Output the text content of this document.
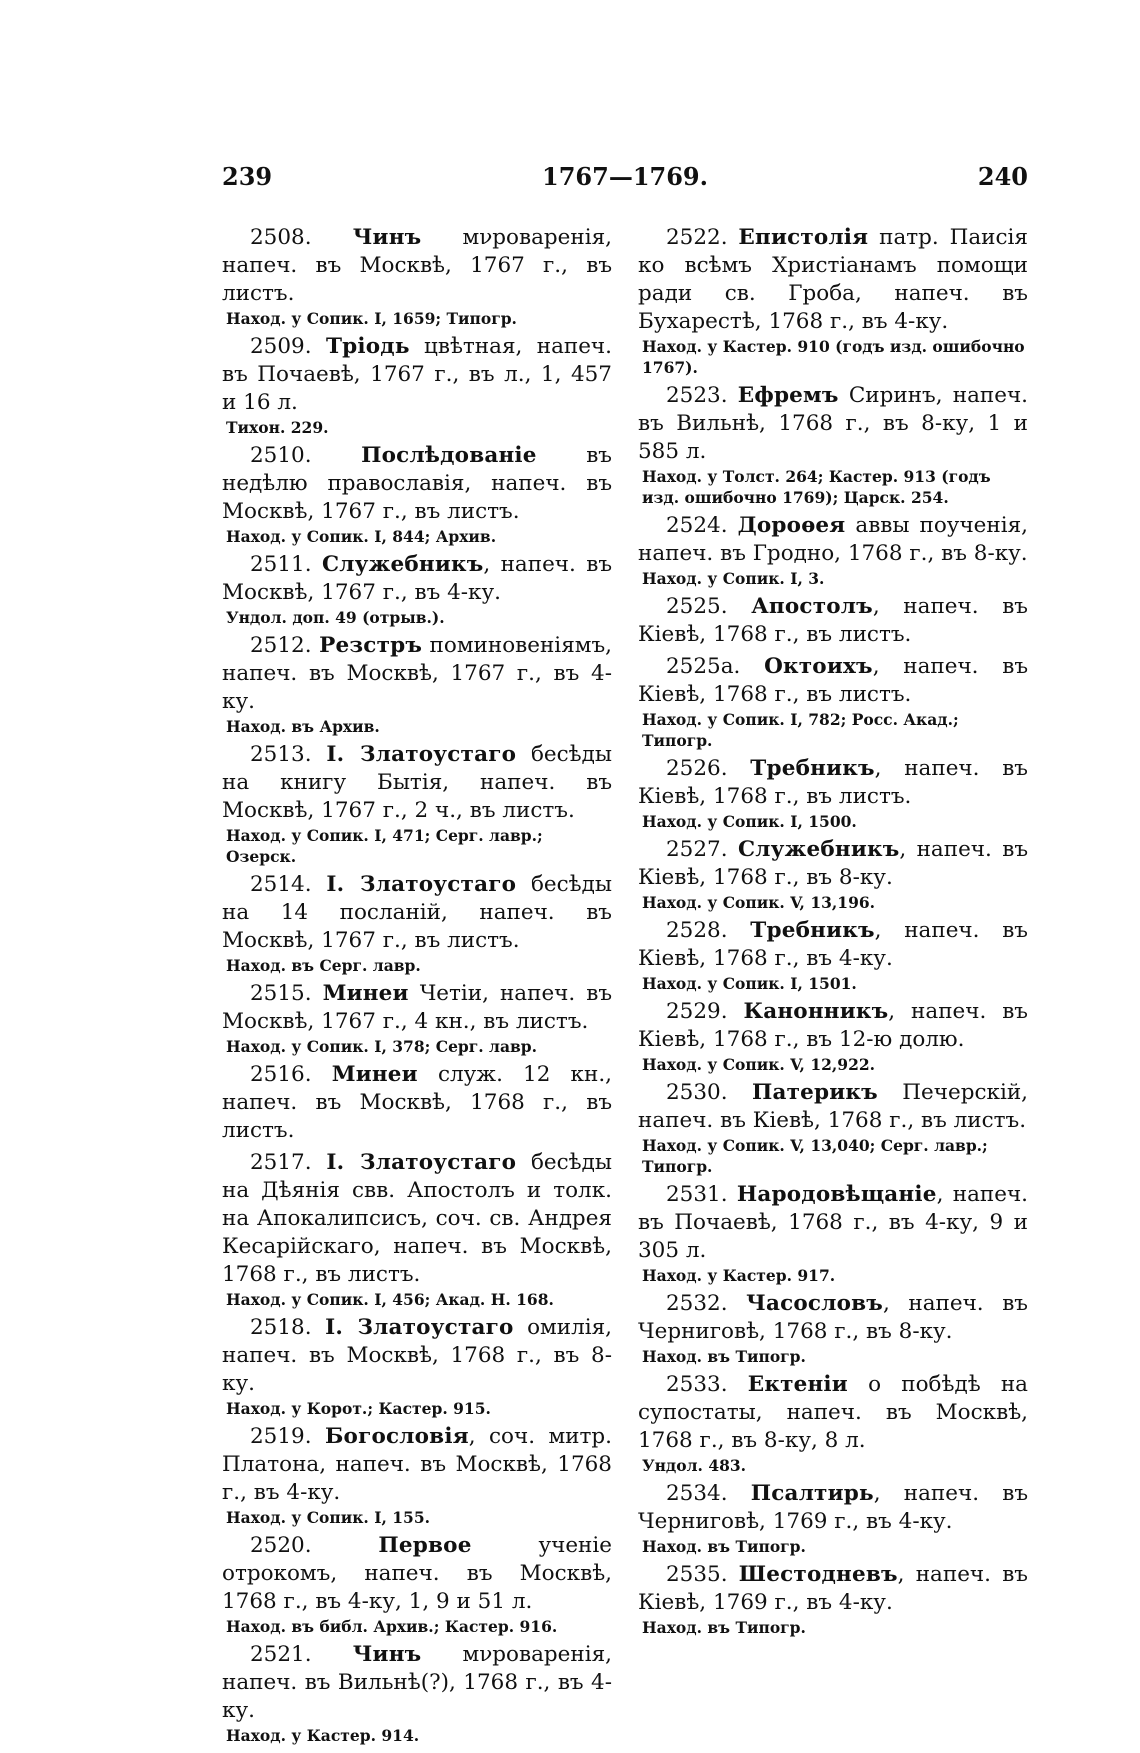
239	1767—1769.	240
2508. Чинъ мνроваренія, напеч. въ Москвѣ, 1767 г., въ листъ.
Наход. у Сопик. I, 1659; Типогр.
2509. Тріодь цвѣтная, напеч. въ Почаевѣ, 1767 г., въ л., 1, 457 и 16 л.
Тихон. 229.
2510. Послѣдованіе въ недѣлю православія, напеч. въ Москвѣ, 1767 г., въ листъ.
Наход. у Сопик. I, 844; Архив.
2511. Служебникъ, напеч. въ Москвѣ, 1767 г., въ 4-ку.
Ундол. доп. 49 (отрыв.).
2512. Резстръ поминовеніямъ, напеч. въ Москвѣ, 1767 г., въ 4-ку.
Наход. въ Архив.
2513. I. Златоустаго бесѣды на книгу Бытія, напеч. въ Москвѣ, 1767 г., 2 ч., въ листъ.
Наход. у Сопик. I, 471; Серг. лавр.; Озерск.
2514. I. Златоустаго бесѣды на 14 посланій, напеч. въ Москвѣ, 1767 г., въ листъ.
Наход. въ Серг. лавр.
2515. Минеи Четіи, напеч. въ Москвѣ, 1767 г., 4 кн., въ листъ.
Наход. у Сопик. I, 378; Серг. лавр.
2516. Минеи служ. 12 кн., напеч. въ Москвѣ, 1768 г., въ листъ.
2517. I. Златоустаго бесѣды на Дѣянія свв. Апостолъ и толк. на Апокалипсисъ, соч. св. Андрея Кесарійскаго, напеч. въ Москвѣ, 1768 г., въ листъ.
Наход. у Сопик. I, 456; Акад. Н. 168.
2518. I. Златоустаго омилія, напеч. въ Москвѣ, 1768 г., въ 8-ку.
Наход. у Корот.; Кастер. 915.
2519. Богословія, соч. митр. Платона, напеч. въ Москвѣ, 1768 г., въ 4-ку.
Наход. у Сопик. I, 155.
2520.	Первое ученіе отрокомъ, напеч. въ Москвѣ, 1768 г., въ 4-ку, 1, 9 и 51 л.
Наход. въ библ. Архив.; Кастер. 916.
2521. Чинъ мνроваренія, напеч. въ Вильнѣ(?), 1768 г., въ 4-ку.
Наход. у Кастер. 914.
2522. Епистолія патр. Паисія ко всѣмъ Христіанамъ помощи ради св. Гроба, напеч. въ Бухарестѣ, 1768 г., въ 4-ку.
Наход. у Кастер. 910 (годъ изд. ошибочно 1767).
2523. Ефремъ Сиринъ, напеч. въ Вильнѣ, 1768 г., въ 8-ку, 1 и 585 л.
Наход. у Толст. 264; Кастер. 913 (годъ изд. ошибочно 1769); Царск. 254.
2524. Дороѳея аввы поученія, напеч. въ Гродно, 1768 г., въ 8-ку.
Наход. у Сопик. I, 3.
2525. Апостолъ, напеч. въ Кіевѣ, 1768 г., въ листъ.
2525a. Октоихъ, напеч. въ Кіевѣ, 1768 г., въ листъ.
Наход. у Сопик. I, 782; Росс. Акад.; Типогр.
2526. Требникъ, напеч. въ Кіевѣ, 1768 г., въ листъ.
Наход. у Сопик. I, 1500.
2527. Служебникъ, напеч. въ Кіевѣ, 1768 г., въ 8-ку.
Наход. у Сопик. V, 13,196.
2528. Требникъ, напеч. въ Кіевѣ, 1768 г., въ 4-ку.
Наход. у Сопик. I, 1501.
2529. Канонникъ, напеч. въ Кіевѣ, 1768 г., въ 12-ю долю.
Наход. у Сопик. V, 12,922.
2530. Патерикъ Печерскій, напеч. въ Кіевѣ, 1768 г., въ листъ.
Наход. у Сопик. V, 13,040; Серг. лавр.; Типогр.
2531. Народовѣщаніе, напеч. въ Почаевѣ, 1768 г., въ 4-ку, 9 и 305 л.
Наход. у Кастер. 917.
2532. Часословъ, напеч. въ Черниговѣ, 1768 г., въ 8-ку.
Наход. въ Типогр.
2533. Ектеніи о побѣдѣ на супостаты, напеч. въ Москвѣ, 1768 г., въ 8-ку, 8 л.
Ундол. 483.
2534. Псалтирь, напеч. въ Черниговѣ, 1769 г., въ 4-ку.
Наход. въ Типогр.
2535. Шестодневъ, напеч. въ Кіевѣ, 1769 г., въ 4-ку.
Наход. въ Типогр.
